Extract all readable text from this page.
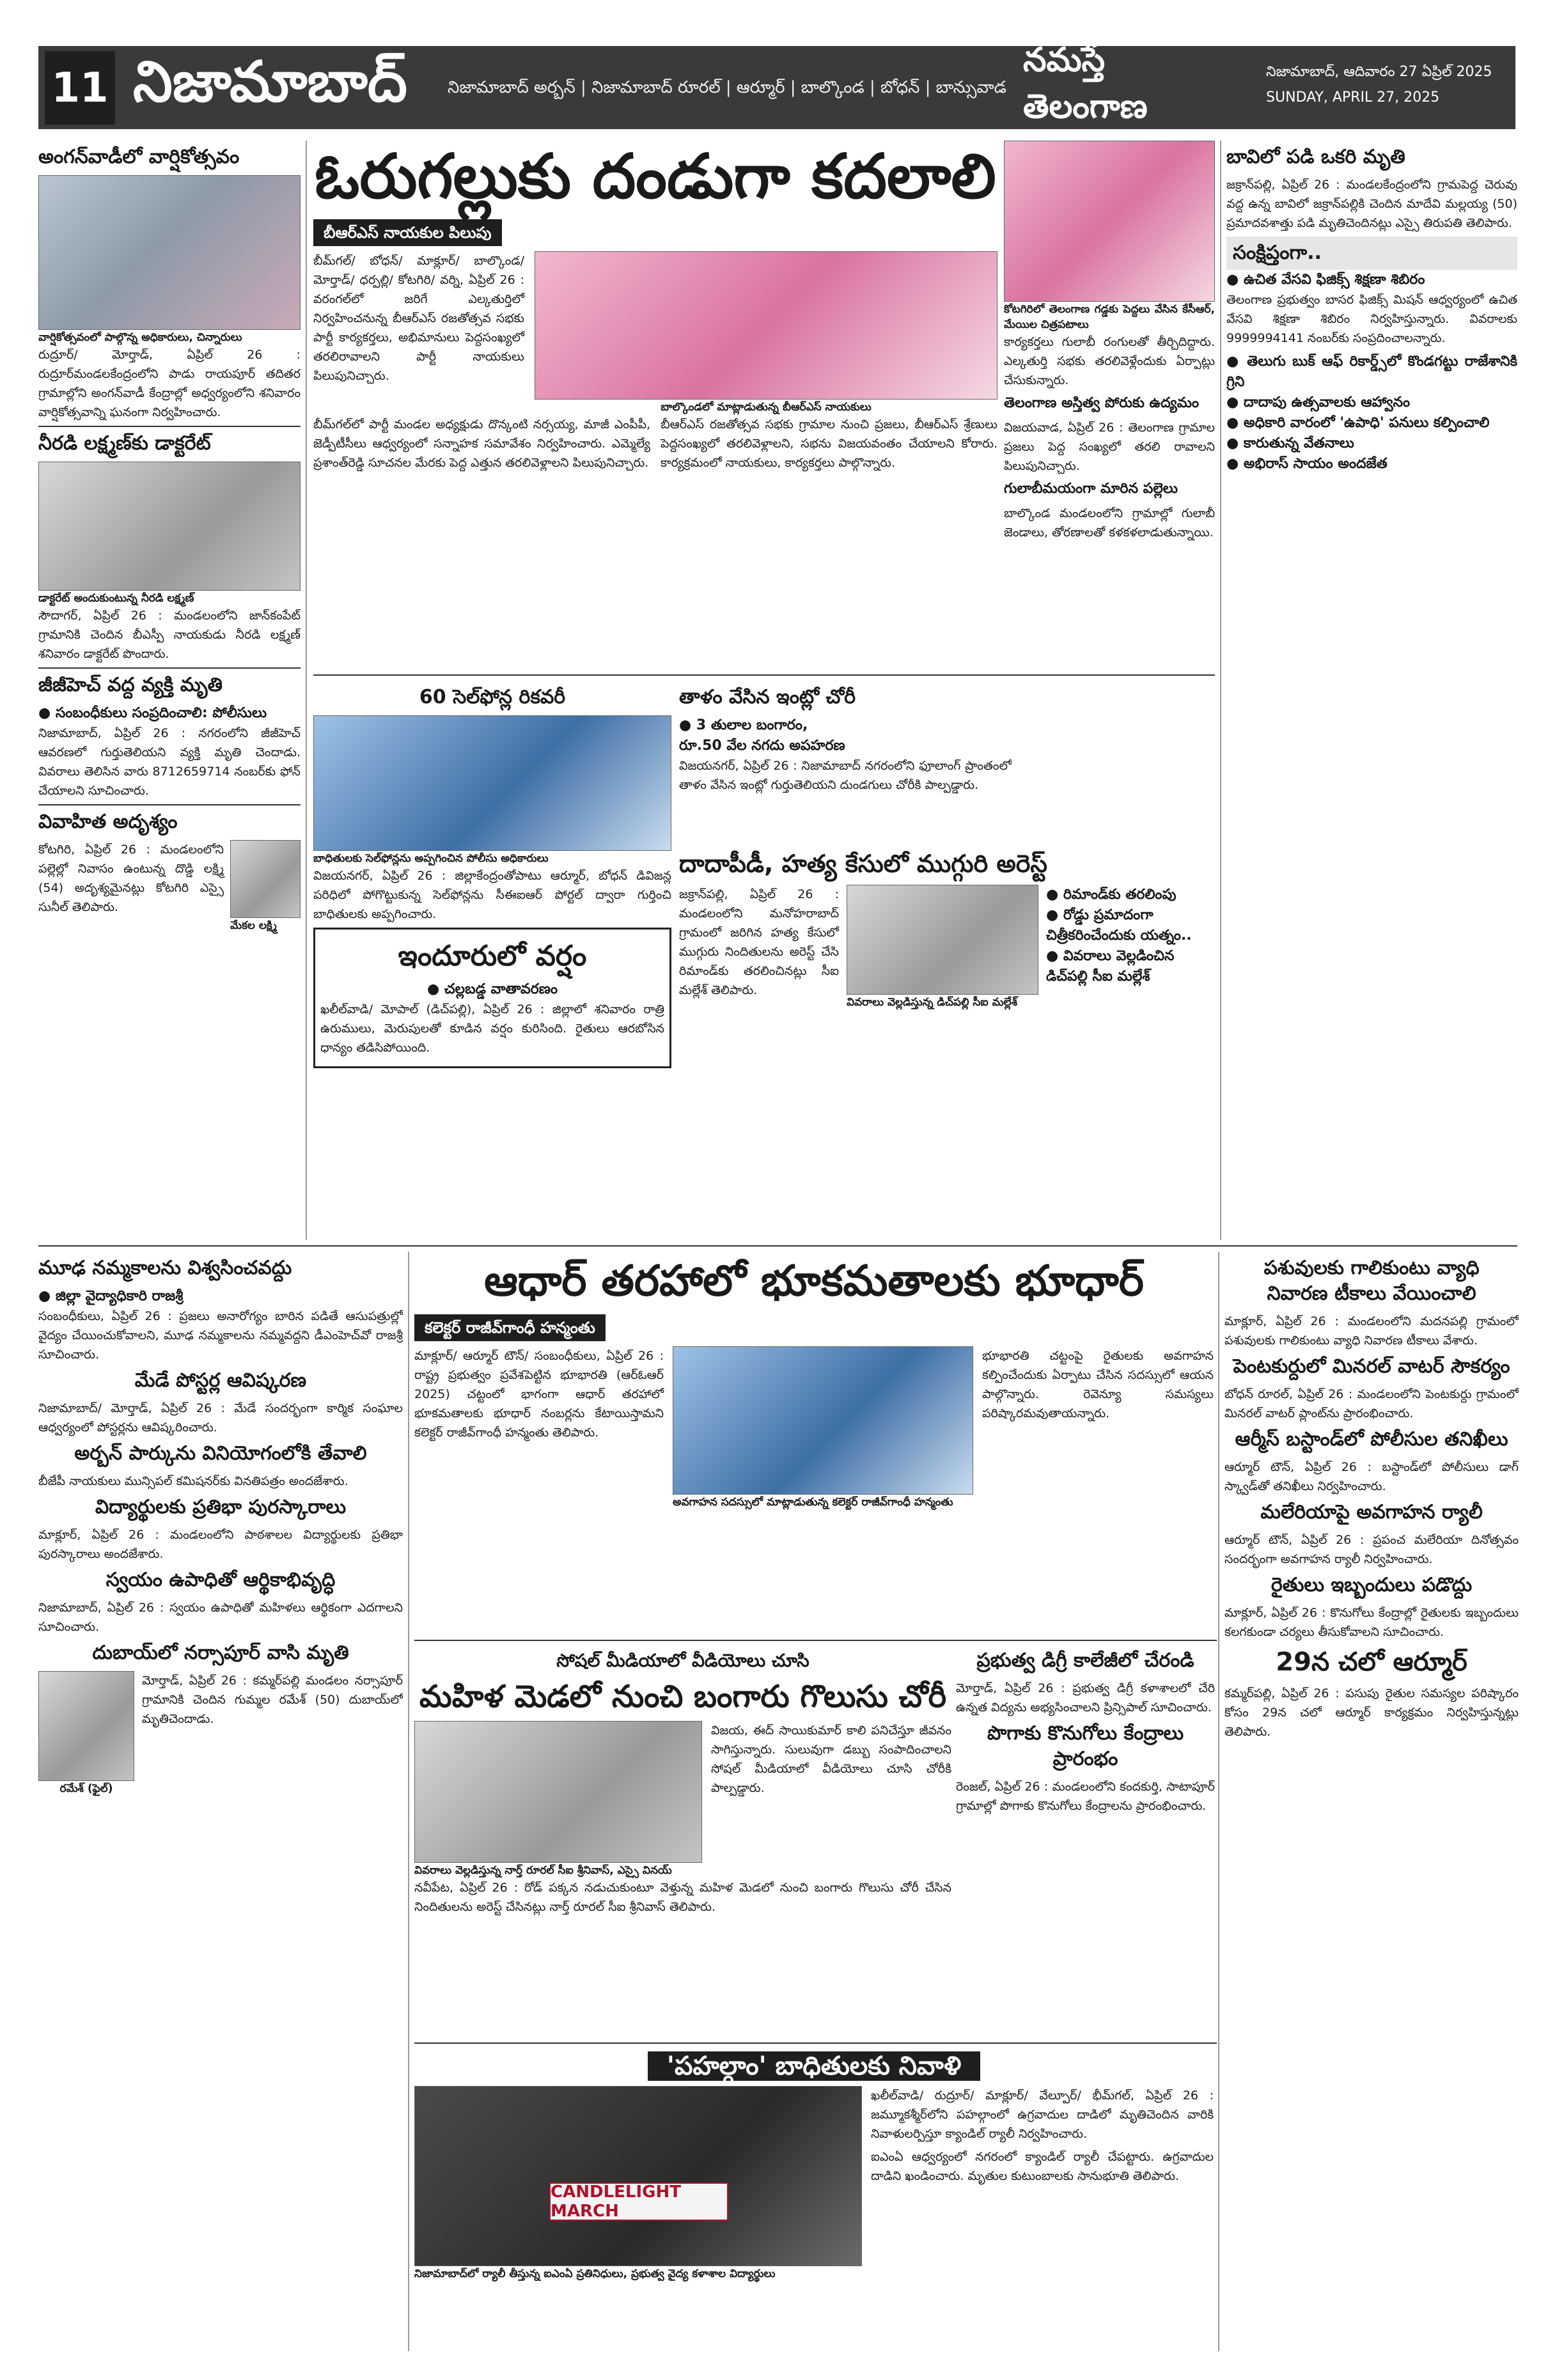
11 నిజామాబాద్	నిజామాబాద్ అర్బన్ | నిజామాబాద్ రూరల్ | ఆర్మూర్ | బాల్కొండ | బోధన్ | బాన్సువాడ
నమస్తే తెలంగాణ
నిజామాబాద్, ఆదివారం 27 ఏప్రిల్ 2025
SUNDAY, APRIL 27, 2025
అంగన్‌వాడీలో వార్షికోత్సవం
వార్షికోత్సవంలో పాల్గొన్న అధికారులు, చిన్నారులు

రుద్రూర్/ మోర్తాడ్, ఏప్రిల్ 26 : రుద్రూర్‌మండలకేంద్రంలోని పాడు రాయపూర్ తదితర గ్రామాల్లోని అంగన్‌వాడీ కేంద్రాల్లో అధ్వర్యంలోని శనివారం వార్షికోత్సవాన్ని ఘనంగా నిర్వహించారు.

నీరడి లక్ష్మణ్‌కు డాక్టరేట్
డాక్టరేట్ అందుకుంటున్న నీరడి లక్ష్మణ్

సౌదాగర్, ఏప్రిల్ 26 : మండలంలోని జాన్‌కంపేట్ గ్రామానికి చెందిన బీఎస్పీ నాయకుడు నీరడి లక్ష్మణ్ శనివారం డాక్టరేట్ పొందారు.

జీజీహెచ్ వద్ద వ్యక్తి మృతి
● సంబంధీకులు సంప్రదించాలి: పోలీసులు

నిజామాబాద్, ఏప్రిల్ 26 : నగరంలోని జీజీహెచ్ ఆవరణలో గుర్తుతెలియని వ్యక్తి మృతి చెందాడు. వివరాలు తెలిసిన వారు 8712659714 నంబర్‌కు ఫోన్ చేయాలని సూచించారు.

వివాహిత అదృశ్యం

కోటగిరి, ఏప్రిల్ 26 : మండలంలోని పల్లెల్లో నివాసం ఉంటున్న దొడ్డి లక్ష్మి (54) అదృశ్యమైనట్లు కోటగిరి ఎస్సై సునీల్ తెలిపారు.

మేకల లక్ష్మి
ఓరుగల్లుకు దండుగా కదలాలి
బీఆర్ఎస్ నాయకుల పిలుపు

బీమ్‌గల్/ బోధన్/ మాక్లూర్/ బాల్కొండ/ మోర్తాడ్/ ధర్పల్లి/ కోటగిరి/ వర్ని, ఏప్రిల్ 26 : వరంగల్‌లో జరిగే ఎల్కతుర్తిలో నిర్వహించనున్న బీఆర్ఎస్ రజతోత్సవ సభకు పార్టీ కార్యకర్తలు, అభిమానులు పెద్దసంఖ్యలో తరలిరావాలని పార్టీ నాయకులు పిలుపునిచ్చారు.

బాల్కొండలో మాట్లాడుతున్న బీఆర్ఎస్ నాయకులు

బీమ్‌గల్‌లో పార్టీ మండల అధ్యక్షుడు దొన్కంటి నర్సయ్య, మాజీ ఎంపీపీ, జెడ్పీటీసీలు ఆధ్వర్యంలో సన్నాహక సమావేశం నిర్వహించారు. ఎమ్మెల్యే ప్రశాంత్‌రెడ్డి సూచనల మేరకు పెద్ద ఎత్తున తరలివెళ్లాలని పిలుపునిచ్చారు.

బీఆర్ఎస్ రజతోత్సవ సభకు గ్రామాల నుంచి ప్రజలు, బీఆర్ఎస్ శ్రేణులు పెద్దసంఖ్యలో తరలివెళ్లాలని, సభను విజయవంతం చేయాలని కోరారు. కార్యక్రమంలో నాయకులు, కార్యకర్తలు పాల్గొన్నారు.

కోటగిరిలో తెలంగాణ గడ్డకు పెద్దలు వేసిన కేసీఆర్, మేయిల చిత్రపటాలు

కార్యకర్తలు గులాబీ రంగులతో తీర్చిదిద్దారు. ఎల్కతుర్తి సభకు తరలివెళ్లేందుకు ఏర్పాట్లు చేసుకున్నారు.

తెలంగాణ అస్తిత్వ పోరుకు ఉద్యమం

విజయవాడ, ఏప్రిల్ 26 : తెలంగాణ గ్రామాల ప్రజలు పెద్ద సంఖ్యలో తరలి రావాలని పిలుపునిచ్చారు.

గులాబీమయంగా మారిన పల్లెలు

బాల్కొండ మండలంలోని గ్రామాల్లో గులాబీ జెండాలు, తోరణాలతో కళకళలాడుతున్నాయి.

బావిలో పడి ఒకరి మృతి

జక్రాన్‌పల్లి, ఏప్రిల్ 26 : మండలకేంద్రంలోని గ్రామపెద్ద చెరువు వద్ద ఉన్న బావిలో జక్రాన్‌పల్లికి చెందిన మాదేవి మల్లయ్య (50) ప్రమాదవశాత్తు పడి మృతిచెందినట్లు ఎస్సై తిరుపతి తెలిపారు.

సంక్షిప్తంగా..
● ఉచిత వేసవి ఫిజిక్స్ శిక్షణా శిబిరం

తెలంగాణ ప్రభుత్వం బాసర ఫిజిక్స్ మిషన్ ఆధ్వర్యంలో ఉచిత వేసవి శిక్షణా శిబిరం నిర్వహిస్తున్నారు. వివరాలకు 9999994141 నంబర్‌కు సంప్రదించాలన్నారు.

● తెలుగు బుక్ ఆఫ్ రికార్డ్స్‌లో కొండగట్టు రాజేశానికి గ్రిని
● దాదాపు ఉత్సవాలకు ఆహ్వానం
● అధికారి వారంలో 'ఉపాధి' పనులు కల్పించాలి
● కారుతున్న వేతనాలు
● అభిరాస్ సాయం అందజేత
60 సెల్‌ఫోన్ల రికవరీ
బాధితులకు సెల్‌ఫోన్లను అప్పగించిన పోలీసు అధికారులు

విజయనగర్, ఏప్రిల్ 26 : జిల్లాకేంద్రంతోపాటు ఆర్మూర్, బోధన్ డివిజన్ల పరిధిలో పోగొట్టుకున్న సెల్‌ఫోన్లను సీఈఐఆర్ పోర్టల్ ద్వారా గుర్తించి బాధితులకు అప్పగించారు.

ఇందూరులో వర్షం
● చల్లబడ్డ వాతావరణం

ఖలీల్‌వాడి/ మోపాల్ (డిచ్‌పల్లి), ఏప్రిల్ 26 : జిల్లాలో శనివారం రాత్రి ఉరుములు, మెరుపులతో కూడిన వర్షం కురిసింది. రైతులు ఆరబోసిన ధాన్యం తడిసిపోయింది.

తాళం వేసిన ఇంట్లో చోరీ
● 3 తులాల బంగారం,
రూ.50 వేల నగదు అపహరణ

విజయనగర్, ఏప్రిల్ 26 : నిజామాబాద్ నగరంలోని ఫూలాంగ్ ప్రాంతంలో తాళం వేసిన ఇంట్లో గుర్తుతెలియని దుండగులు చోరీకి పాల్పడ్డారు.

దాదాపీడీ, హత్య కేసులో ముగ్గురి అరెస్ట్

జక్రాన్‌పల్లి, ఏప్రిల్ 26 : మండలంలోని మనోహరాబాద్ గ్రామంలో జరిగిన హత్య కేసులో ముగ్గురు నిందితులను అరెస్ట్ చేసి రిమాండ్‌కు తరలించినట్లు సీఐ మల్లేశ్ తెలిపారు.

వివరాలు వెల్లడిస్తున్న డిచ్‌పల్లి సీఐ మల్లేశ్
● రిమాండ్‌కు తరలింపు
● రోడ్డు ప్రమాదంగా
చిత్రీకరించేందుకు యత్నం..
● వివరాలు వెల్లడించిన
డిచ్‌పల్లి సీఐ మల్లేశ్
మూఢ నమ్మకాలను విశ్వసించవద్దు
● జిల్లా వైద్యాధికారి రాజశ్రీ

సంబంధీకులు, ఏప్రిల్ 26 : ప్రజలు అనారోగ్యం బారిన పడితే ఆసుపత్రుల్లో వైద్యం చేయించుకోవాలని, మూఢ నమ్మకాలను నమ్మవద్దని డీఎంహెచ్‌వో రాజశ్రీ సూచించారు.

మేడే పోస్టర్ల ఆవిష్కరణ

నిజామాబాద్/ మోర్తాడ్, ఏప్రిల్ 26 : మేడే సందర్భంగా కార్మిక సంఘాల ఆధ్వర్యంలో పోస్టర్లను ఆవిష్కరించారు.

అర్బన్ పార్కును వినియోగంలోకి తేవాలి

బీజేపీ నాయకులు మున్సిపల్ కమిషనర్‌కు వినతిపత్రం అందజేశారు.

విద్యార్థులకు ప్రతిభా పురస్కారాలు

మాక్లూర్, ఏప్రిల్ 26 : మండలంలోని పాఠశాలల విద్యార్థులకు ప్రతిభా పురస్కారాలు అందజేశారు.

స్వయం ఉపాధితో ఆర్థికాభివృద్ధి

నిజామాబాద్, ఏప్రిల్ 26 : స్వయం ఉపాధితో మహిళలు ఆర్థికంగా ఎదగాలని సూచించారు.

దుబాయ్‌లో నర్సాపూర్ వాసి మృతి
రమేశ్ (ఫైల్)

మోర్తాడ్, ఏప్రిల్ 26 : కమ్మర్‌పల్లి మండలం నర్సాపూర్ గ్రామానికి చెందిన గుమ్మల రమేశ్ (50) దుబాయ్‌లో మృతిచెందాడు.

ఆధార్ తరహాలో భూకమతాలకు భూధార్
కలెక్టర్ రాజీవ్‌గాంధీ హన్మంతు

మాక్లూర్/ ఆర్మూర్ టౌన్/ సంబంధీకులు, ఏప్రిల్ 26 : రాష్ట్ర ప్రభుత్వం ప్రవేశపెట్టిన భూభారతి (ఆర్‌ఓఆర్ 2025) చట్టంలో భాగంగా ఆధార్ తరహాలో భూకమతాలకు భూధార్ నంబర్లను కేటాయిస్తామని కలెక్టర్ రాజీవ్‌గాంధీ హన్మంతు తెలిపారు.

అవగాహన సదస్సులో మాట్లాడుతున్న కలెక్టర్ రాజీవ్‌గాంధీ హన్మంతు

భూభారతి చట్టంపై రైతులకు అవగాహన కల్పించేందుకు ఏర్పాటు చేసిన సదస్సులో ఆయన పాల్గొన్నారు. రెవెన్యూ సమస్యలు పరిష్కారమవుతాయన్నారు.

పశువులకు గాలికుంటు వ్యాధి
నివారణ టీకాలు వేయించాలి

మాక్లూర్, ఏప్రిల్ 26 : మండలంలోని మదనపల్లి గ్రామంలో పశువులకు గాలికుంటు వ్యాధి నివారణ టీకాలు వేశారు.

పెంటకుర్దులో మినరల్ వాటర్ సౌకర్యం

బోధన్ రూరల్, ఏప్రిల్ 26 : మండలంలోని పెంటకుర్దు గ్రామంలో మినరల్ వాటర్ ప్లాంట్‌ను ప్రారంభించారు.

ఆర్మీస్ బస్టాండ్‌లో పోలీసుల తనిఖీలు

ఆర్మూర్ టౌన్, ఏప్రిల్ 26 : బస్టాండ్‌లో పోలీసులు డాగ్ స్క్వాడ్‌తో తనిఖీలు నిర్వహించారు.

మలేరియాపై అవగాహన ర్యాలీ

ఆర్మూర్ టౌన్, ఏప్రిల్ 26 : ప్రపంచ మలేరియా దినోత్సవం సందర్భంగా అవగాహన ర్యాలీ నిర్వహించారు.

రైతులు ఇబ్బందులు పడొద్దు

మాక్లూర్, ఏప్రిల్ 26 : కొనుగోలు కేంద్రాల్లో రైతులకు ఇబ్బందులు కలగకుండా చర్యలు తీసుకోవాలని సూచించారు.

29న చలో ఆర్మూర్

కమ్మర్‌పల్లి, ఏప్రిల్ 26 : పసుపు రైతుల సమస్యల పరిష్కారం కోసం 29న చలో ఆర్మూర్ కార్యక్రమం నిర్వహిస్తున్నట్లు తెలిపారు.

సోషల్ మీడియాలో వీడియోలు చూసి
మహిళ మెడలో నుంచి బంగారు గొలుసు చోరీ
వివరాలు వెల్లడిస్తున్న నార్త్ రూరల్ సీఐ శ్రీనివాస్, ఎస్సై వినయ్

విజయ, ఈద్ సాయికుమార్ కాలి పనిచేస్తూ జీవనం సాగిస్తున్నారు. సులువుగా డబ్బు సంపాదించాలని సోషల్ మీడియాలో వీడియోలు చూసి చోరీకి పాల్పడ్డారు.

నవీపేట, ఏప్రిల్ 26 : రోడ్ పక్కన నడుచుకుంటూ వెళ్తున్న మహిళ మెడలో నుంచి బంగారు గొలుసు చోరీ చేసిన నిందితులను అరెస్ట్ చేసినట్లు నార్త్ రూరల్ సీఐ శ్రీనివాస్ తెలిపారు.

ప్రభుత్వ డిగ్రీ కాలేజీలో చేరండి

మోర్తాడ్, ఏప్రిల్ 26 : ప్రభుత్వ డిగ్రీ కళాశాలలో చేరి ఉన్నత విద్యను అభ్యసించాలని ప్రిన్సిపాల్ సూచించారు.

పొగాకు కొనుగోలు కేంద్రాలు
ప్రారంభం

రెంజల్, ఏప్రిల్ 26 : మండలంలోని కందకుర్తి, సాటాపూర్ గ్రామాల్లో పొగాకు కొనుగోలు కేంద్రాలను ప్రారంభించారు.

'పహల్గాం' బాధితులకు నివాళి
CANDLELIGHT MARCH
నిజామాబాద్‌లో ర్యాలీ తీస్తున్న ఐఎంఏ ప్రతినిధులు, ప్రభుత్వ వైద్య కళాశాల విద్యార్థులు

ఖలీల్‌వాడి/ రుద్రూర్/ మాక్లూర్/ వేల్పూర్/ భీమ్‌గల్, ఏప్రిల్ 26 : జమ్మూకశ్మీర్‌లోని పహల్గాంలో ఉగ్రవాదుల దాడిలో మృతిచెందిన వారికి నివాళులర్పిస్తూ క్యాండిల్ ర్యాలీ నిర్వహించారు.

ఐఎంఏ ఆధ్వర్యంలో నగరంలో క్యాండిల్ ర్యాలీ చేపట్టారు. ఉగ్రవాదుల దాడిని ఖండించారు. మృతుల కుటుంబాలకు సానుభూతి తెలిపారు.
